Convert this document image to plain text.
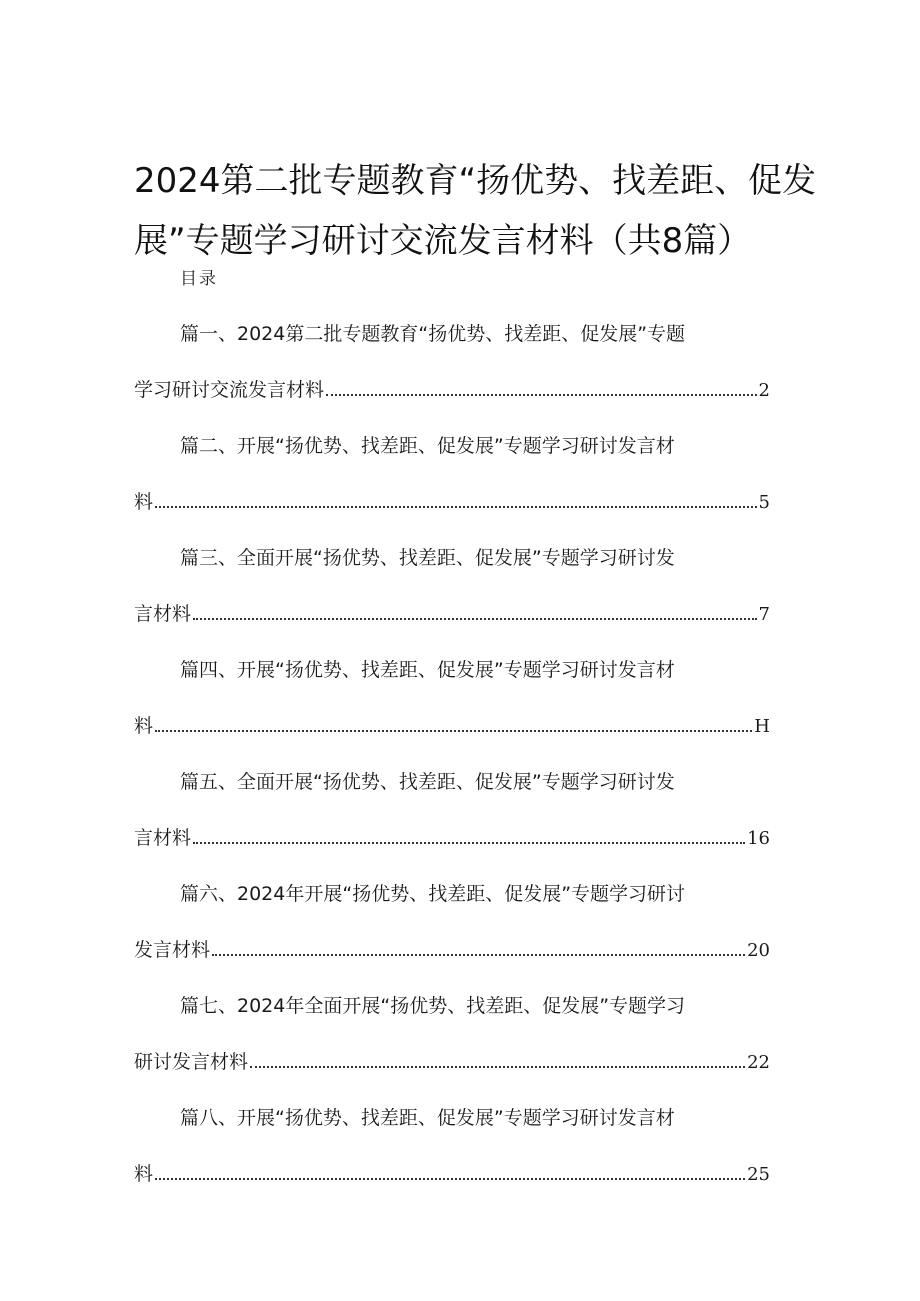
2024第二批专题教育“扬优势、找差距、促发
展”专题学习研讨交流发言材料（共8篇）
目录
篇一、2024第二批专题教育“扬优势、找差距、促发展”专题
学习研讨交流发言材料	2
篇二、开展“扬优势、找差距、促发展”专题学习研讨发言材
料	5
篇三、全面开展“扬优势、找差距、促发展”专题学习研讨发
言材料	7
篇四、开展“扬优势、找差距、促发展”专题学习研讨发言材
料	H
篇五、全面开展“扬优势、找差距、促发展”专题学习研讨发
言材料	16
篇六、2024年开展“扬优势、找差距、促发展”专题学习研讨
发言材料	20
篇七、2024年全面开展“扬优势、找差距、促发展”专题学习
研讨发言材料	22
篇八、开展“扬优势、找差距、促发展”专题学习研讨发言材
料	25
